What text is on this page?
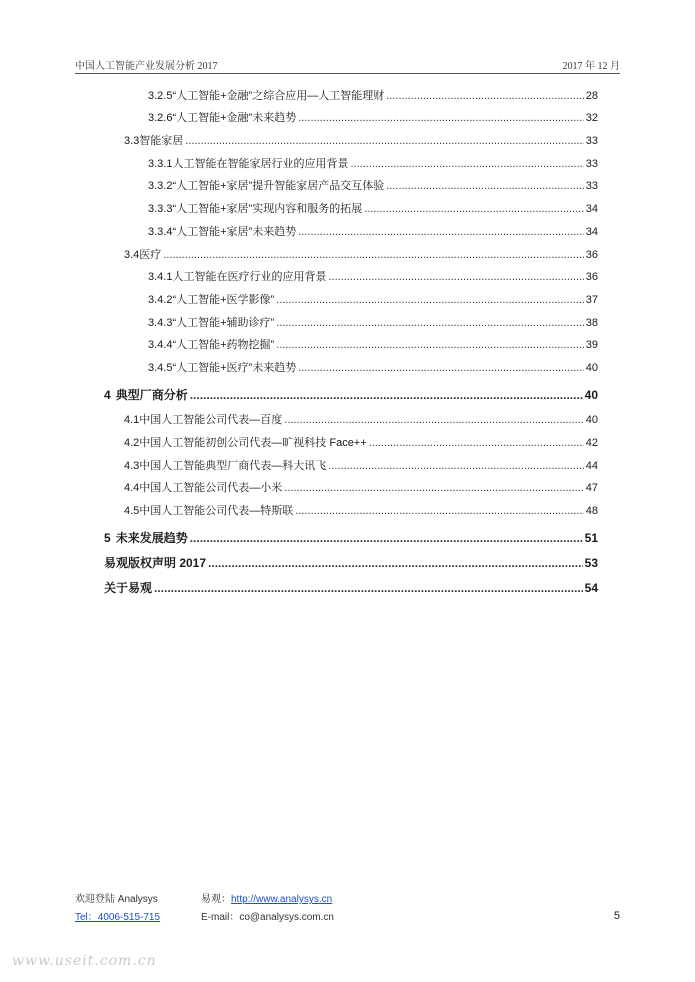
中国人工智能产业发展分析 2017	2017 年 12 月
3.2.5 “人工智能+金融”之综合应用—人工智能理财 .....	28
3.2.6 “人工智能+金融”未来趋势 .....	32
3.3 智能家居 .....	33
3.3.1 人工智能在智能家居行业的应用背景 .....	33
3.3.2 “人工智能+家居”提升智能家居产品交互体验 .....	33
3.3.3 “人工智能+家居”实现内容和服务的拓展 .....	34
3.3.4 “人工智能+家居”未来趋势 .....	34
3.4 医疗 .....	36
3.4.1 人工智能在医疗行业的应用背景 .....	36
3.4.2 “人工智能+医学影像” .....	37
3.4.3 “人工智能+辅助诊疗” .....	38
3.4.4 “人工智能+药物挖掘” .....	39
3.4.5 “人工智能+医疗”未来趋势 .....	40
4 典型厂商分析 .....	40
4.1 中国人工智能公司代表—百度 .....	40
4.2 中国人工智能初创公司代表—旷视科技 Face++ .....	42
4.3 中国人工智能典型厂商代表—科大讯飞 .....	44
4.4 中国人工智能公司代表—小米 .....	47
4.5 中国人工智能公司代表—特斯联 .....	48
5 未来发展趋势 .....	51
易观版权声明 2017 .....	53
关于易观 .....	54
欢迎登陆 Analysys	易观：http://www.analysys.cn
Tel：4006-515-715	E-mail：co@analysys.com.cn	5
www.useit.com.cn
